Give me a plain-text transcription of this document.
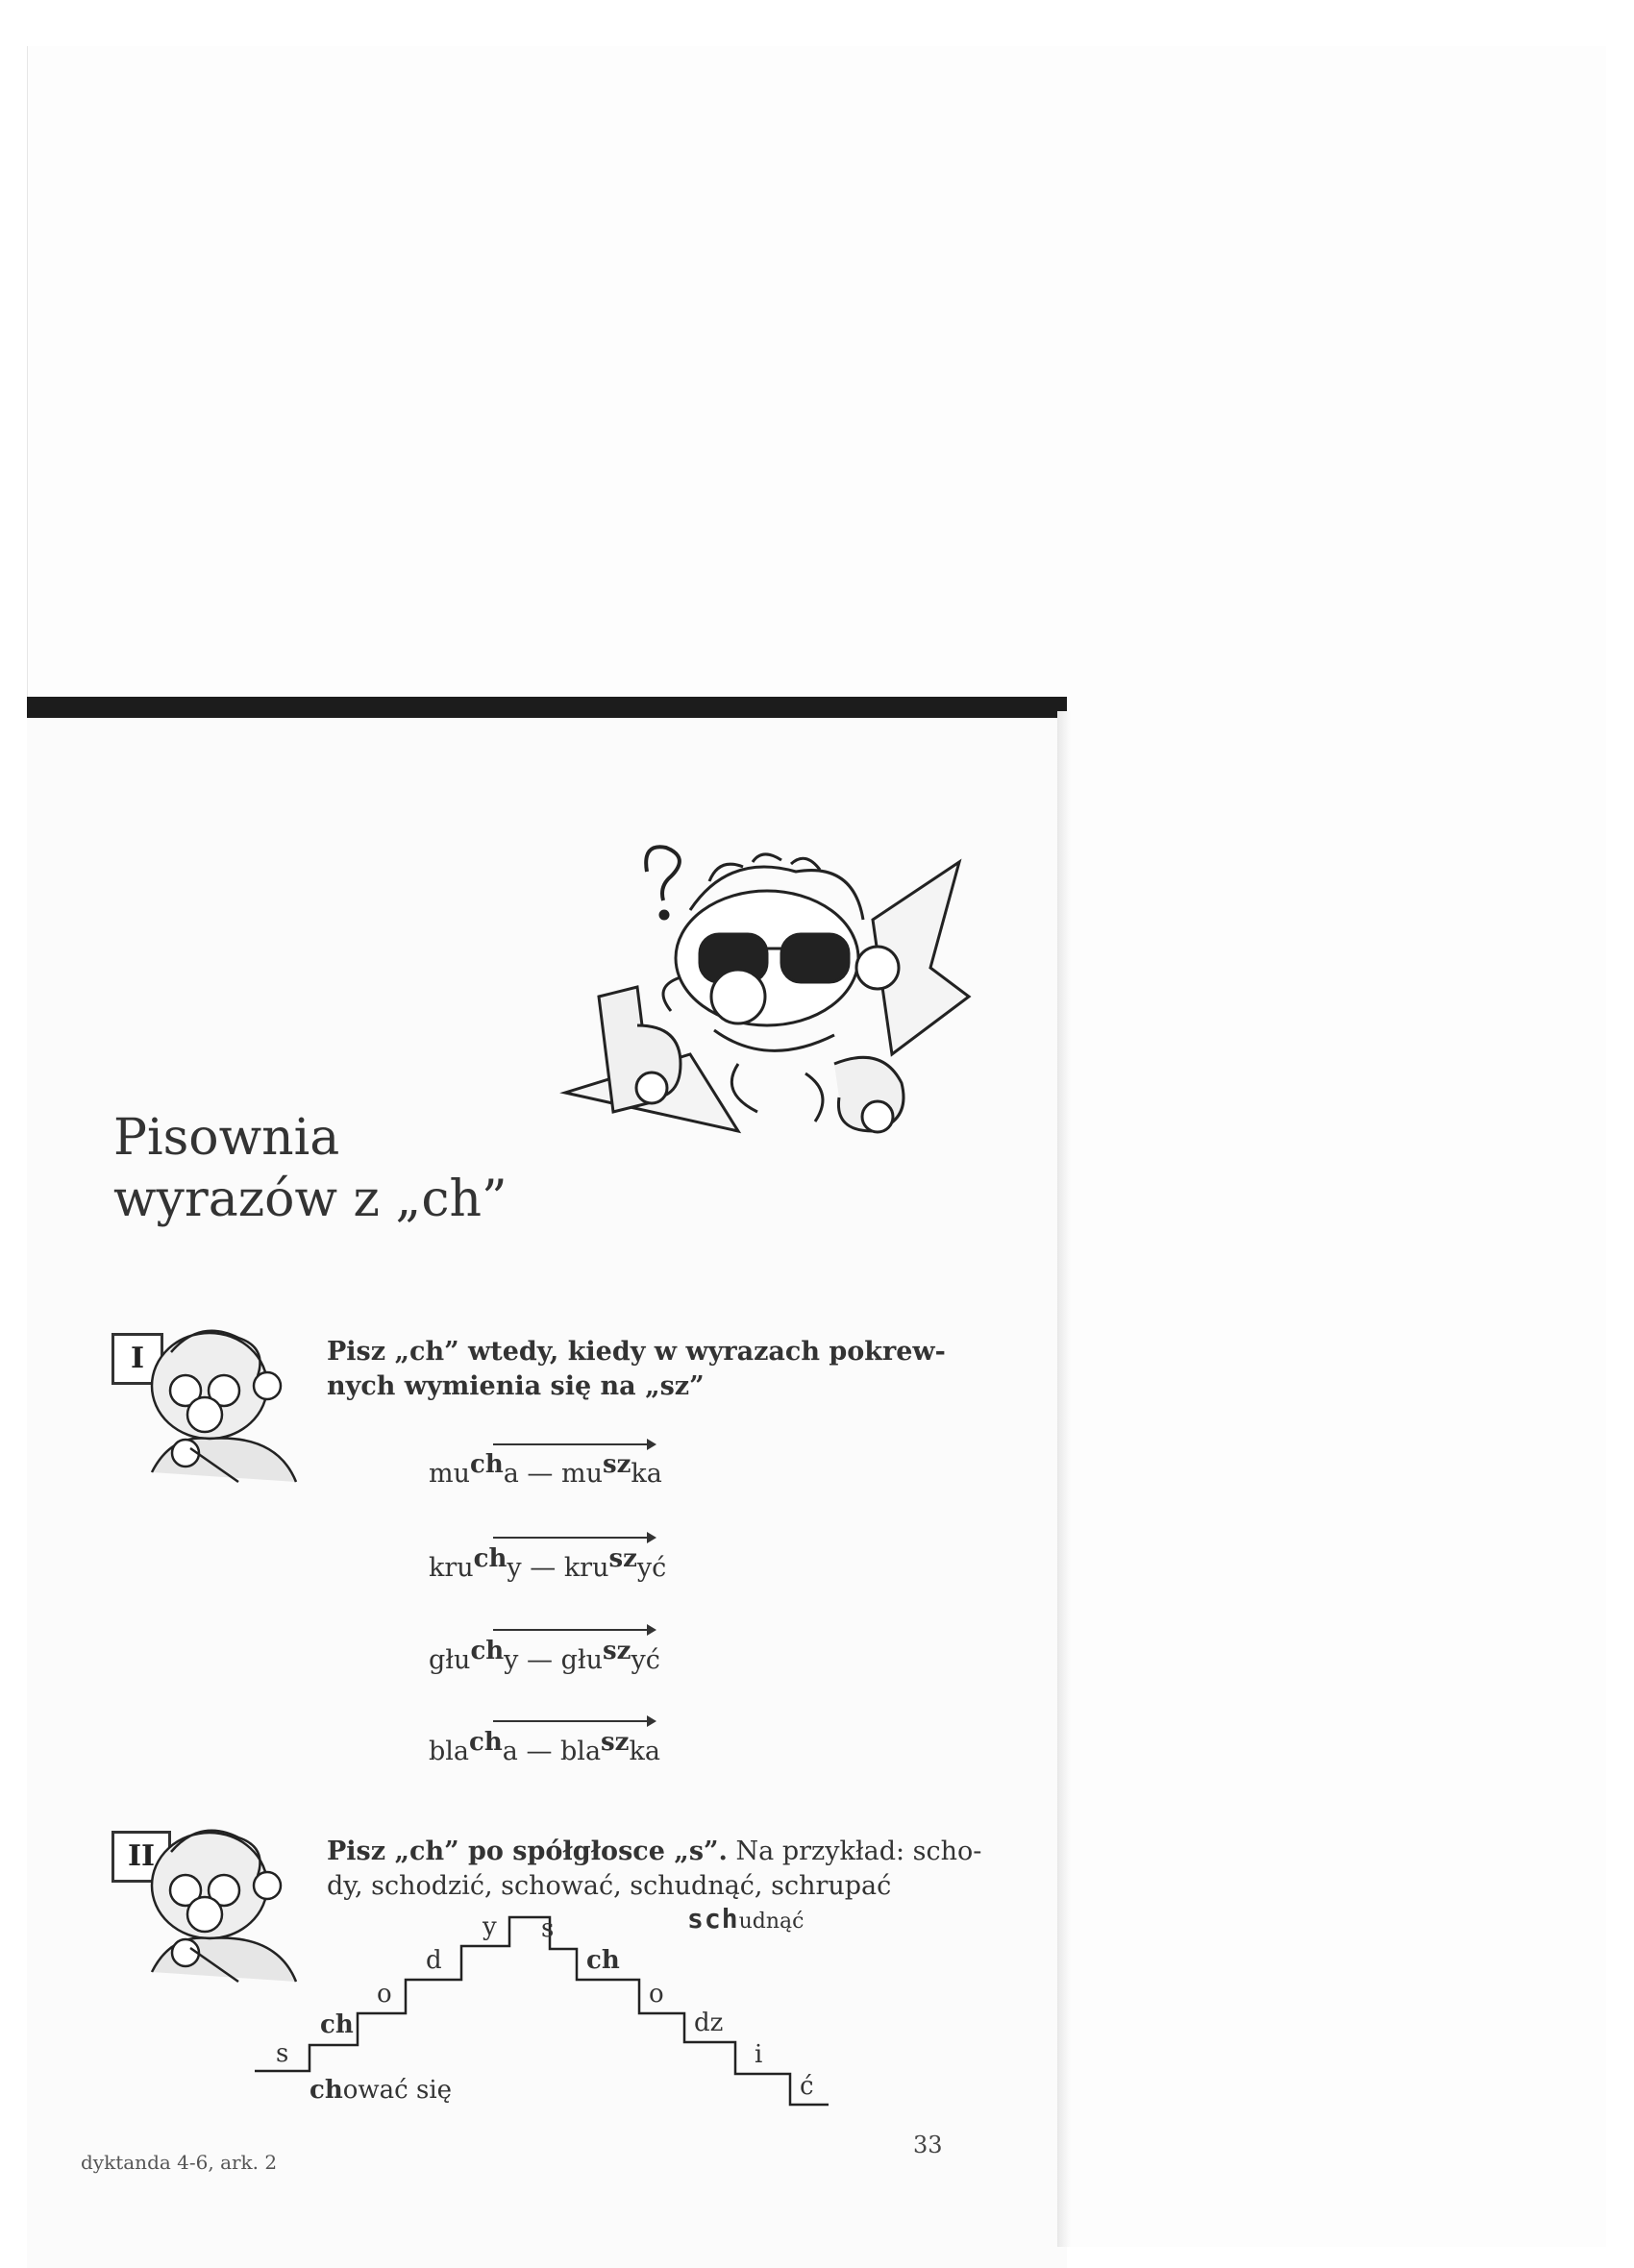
Pisownia
wyrazów z „ch”
I	Pisz „ch” wtedy, kiedy w wyrazach pokrew-nych wymienia się na „sz”
$mu^{ch}a$ — $mu^{sz}ka$
kru$^{ch}$y — kru$^{sz}$yć
głu$^{ch}$y — głu$^{sz}$yć
bla$^{ch}$a — bla$^{sz}$ka
II	Pisz „ch” po spółgłosce „s”. Na przykład: scho-dy, schodzić, schować, schudnąć, schrupać
s
ch
o
d
y s
ch
o
dz
i
ć
chować się
schudnąć
dyktanda 4-6, ark. 2
33
